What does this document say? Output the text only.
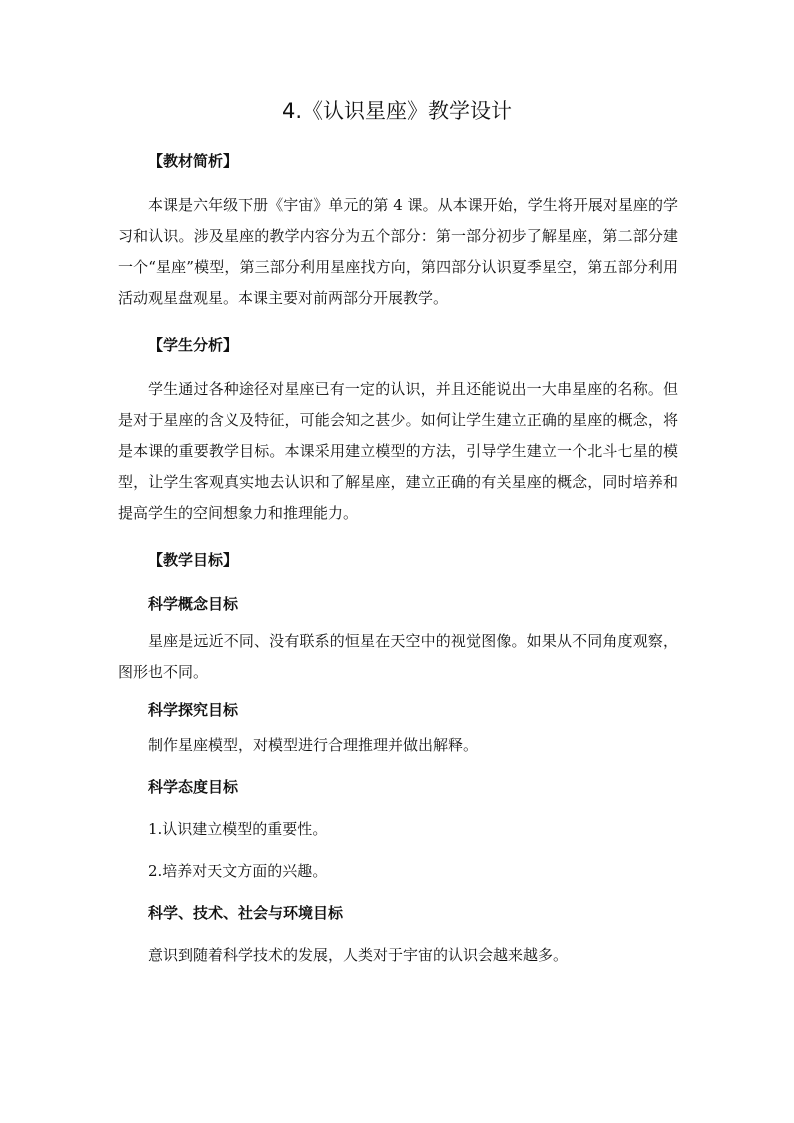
4.《认识星座》教学设计
【教材简析】

本课是六年级下册《宇宙》单元的第 4 课。从本课开始，学生将开展对星座的学习和认识。涉及星座的教学内容分为五个部分：第一部分初步了解星座，第二部分建一个“星座”模型，第三部分利用星座找方向，第四部分认识夏季星空，第五部分利用活动观星盘观星。本课主要对前两部分开展教学。

【学生分析】

学生通过各种途径对星座已有一定的认识，并且还能说出一大串星座的名称。但是对于星座的含义及特征，可能会知之甚少。如何让学生建立正确的星座的概念，将是本课的重要教学目标。本课采用建立模型的方法，引导学生建立一个北斗七星的模型，让学生客观真实地去认识和了解星座，建立正确的有关星座的概念，同时培养和提高学生的空间想象力和推理能力。

【教学目标】
科学概念目标

星座是远近不同、没有联系的恒星在天空中的视觉图像。如果从不同角度观察，图形也不同。

科学探究目标
制作星座模型，对模型进行合理推理并做出解释。
科学态度目标
1.认识建立模型的重要性。
2.培养对天文方面的兴趣。
科学、技术、社会与环境目标
意识到随着科学技术的发展，人类对于宇宙的认识会越来越多。
